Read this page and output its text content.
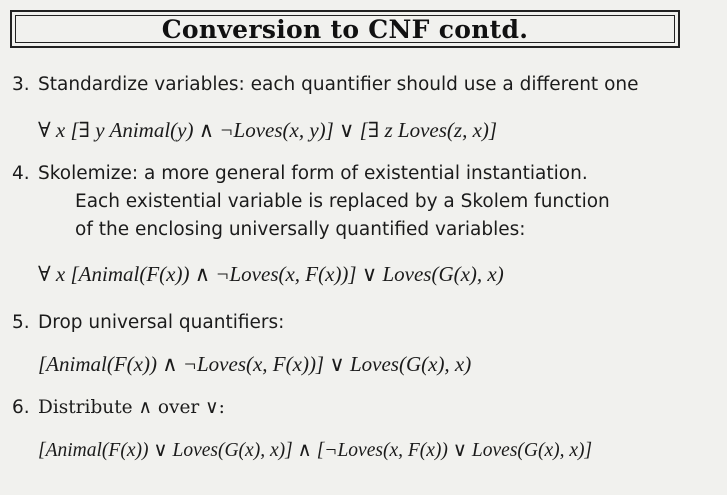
Conversion to CNF contd.
3. Standardize variables: each quantifier should use a different one
∀ x [∃ y Animal(y) ∧ ¬Loves(x, y)] ∨ [∃ z Loves(z, x)]
4. Skolemize: a more general form of existential instantiation.
Each existential variable is replaced by a Skolem function
of the enclosing universally quantified variables:
∀ x [Animal(F(x)) ∧ ¬Loves(x, F(x))] ∨ Loves(G(x), x)
5. Drop universal quantifiers:
[Animal(F(x)) ∧ ¬Loves(x, F(x))] ∨ Loves(G(x), x)
6. Distribute ∧ over ∨:
[Animal(F(x)) ∨ Loves(G(x), x)] ∧ [¬Loves(x, F(x)) ∨ Loves(G(x), x)]
